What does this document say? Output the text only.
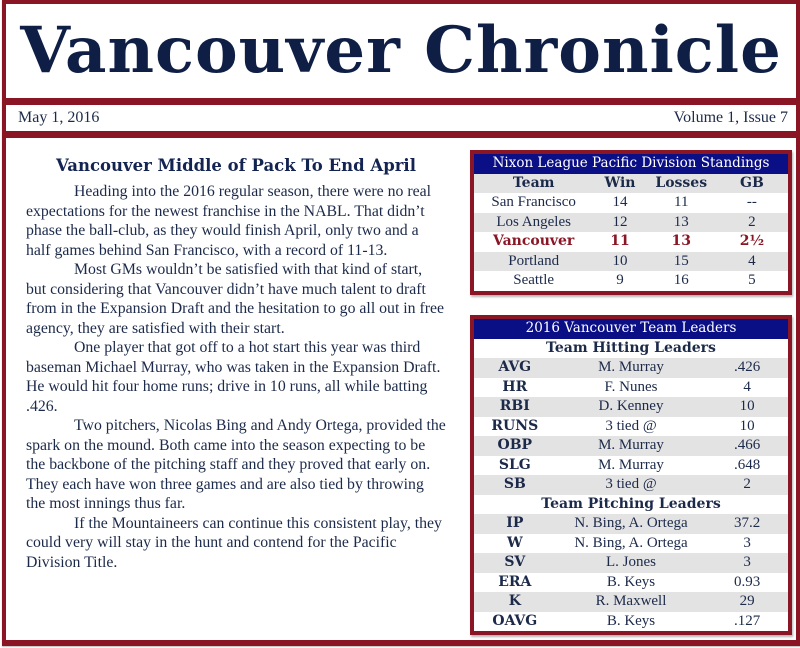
Vancouver Chronicle
May 1, 2016	Volume 1, Issue 7
Vancouver Middle of Pack To End April

Heading into the 2016 regular season, there were no real expectations for the newest franchise in the NABL. That didn’t phase the ball-club, as they would finish April, only two and a half games behind San Francisco, with a record of 11-13.

Most GMs wouldn’t be satisfied with that kind of start, but considering that Vancouver didn’t have much talent to draft from in the Expansion Draft and the hesitation to go all out in free agency, they are satisfied with their start.

One player that got off to a hot start this year was third baseman Michael Murray, who was taken in the Expansion Draft. He would hit four home runs; drive in 10 runs, all while batting .426.

Two pitchers, Nicolas Bing and Andy Ortega, provided the spark on the mound. Both came into the season expecting to be the backbone of the pitching staff and they proved that early on. They each have won three games and are also tied by throwing the most innings thus far.

If the Mountaineers can continue this consistent play, they could very will stay in the hunt and contend for the Pacific Division Title.

Nixon League Pacific Division Standings			
Team	Win	Losses	GB
San Francisco	14	11	--
Los Angeles	12	13	2
Vancouver	11	13	2½
Portland	10	15	4
Seattle	9	16	5
2016 Vancouver Team Leaders		
Team Hitting Leaders		
AVG	M. Murray	.426
HR	F. Nunes	4
RBI	D. Kenney	10
RUNS	3 tied @	10
OBP	M. Murray	.466
SLG	M. Murray	.648
SB	3 tied @	2
Team Pitching Leaders		
IP	N. Bing, A. Ortega	37.2
W	N. Bing, A. Ortega	3
SV	L. Jones	3
ERA	B. Keys	0.93
K	R. Maxwell	29
OAVG	B. Keys	.127
